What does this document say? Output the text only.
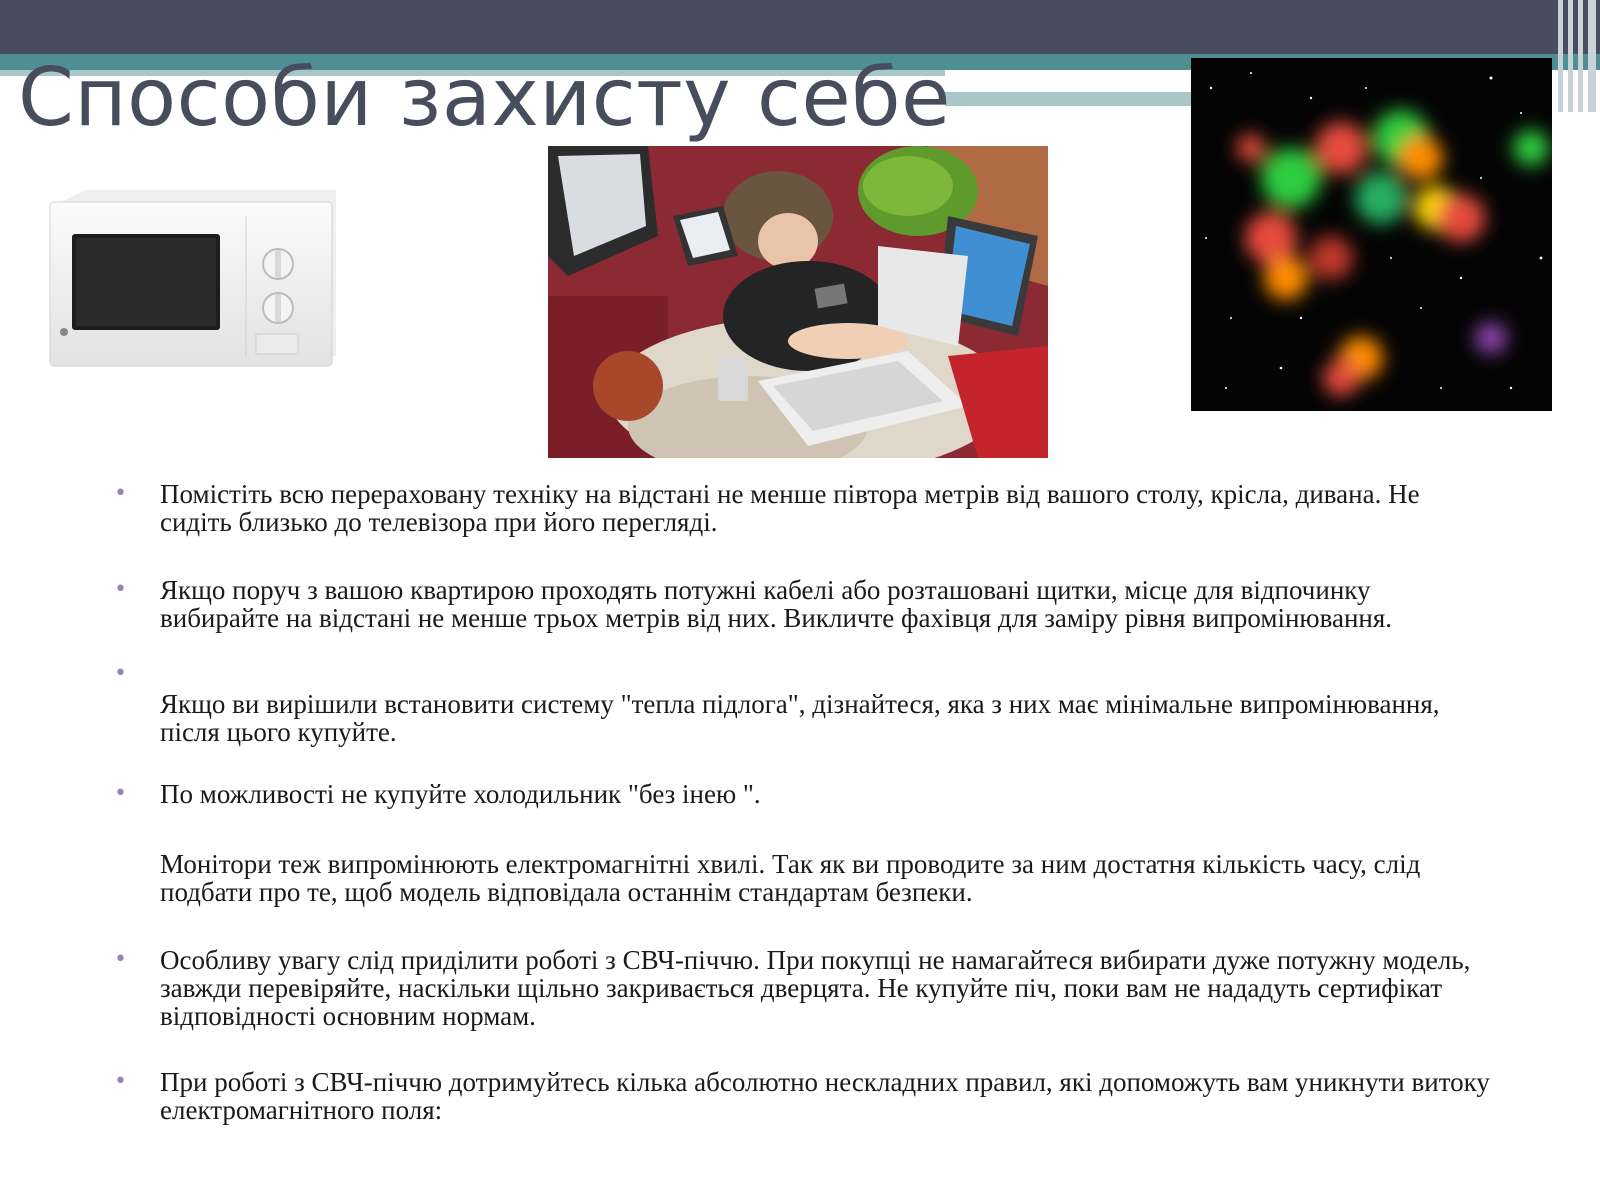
Способи захисту себе
• Помістіть всю перераховану техніку на відстані не менше півтора метрів від вашого столу, крісла, дивана. Не сидіть близько до телевізора при його перегляді.
• Якщо поруч з вашою квартирою проходять потужні кабелі або розташовані щитки, місце для відпочинку вибирайте на відстані не менше трьох метрів від них. Викличте фахівця для заміру рівня випромінювання.
•
Якщо ви вирішили встановити систему "тепла підлога", дізнайтеся, яка з них має мінімальне випромінювання, після цього купуйте.
• По можливості не купуйте холодильник "без інею ".
Монітори теж випромінюють електромагнітні хвилі. Так як ви проводите за ним достатня кількість часу, слід подбати про те, щоб модель відповідала останнім стандартам безпеки.
• Особливу увагу слід приділити роботі з СВЧ-піччю. При покупці не намагайтеся вибирати дуже потужну модель, завжди перевіряйте, наскільки щільно закривається дверцята. Не купуйте піч, поки вам не нададуть сертифікат відповідності основним нормам.
• При роботі з СВЧ-піччю дотримуйтесь кілька абсолютно нескладних правил, які допоможуть вам уникнути витоку електромагнітного поля:
